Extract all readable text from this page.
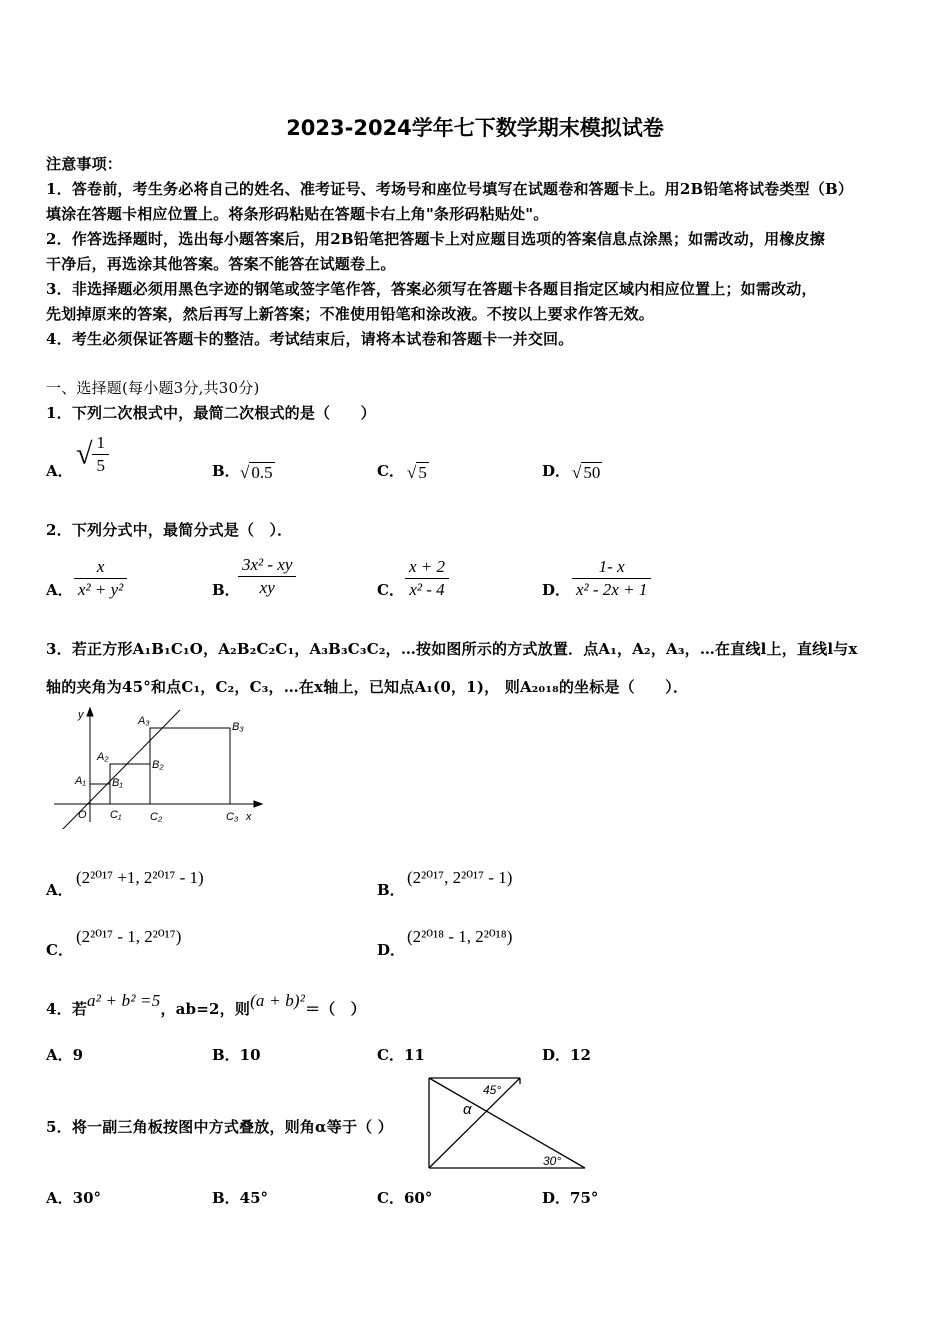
2023-2024学年七下数学期末模拟试卷
注意事项：
1．答卷前，考生务必将自己的姓名、准考证号、考场号和座位号填写在试题卷和答题卡上。用2B铅笔将试卷类型（B）
填涂在答题卡相应位置上。将条形码粘贴在答题卡右上角"条形码粘贴处"。
2．作答选择题时，选出每小题答案后，用2B铅笔把答题卡上对应题目选项的答案信息点涂黑；如需改动，用橡皮擦
干净后，再选涂其他答案。答案不能答在试题卷上。
3．非选择题必须用黑色字迹的钢笔或签字笔作答，答案必须写在答题卡各题目指定区域内相应位置上；如需改动，
先划掉原来的答案，然后再写上新答案；不准使用铅笔和涂改液。不按以上要求作答无效。
4．考生必须保证答题卡的整洁。考试结束后，请将本试卷和答题卡一并交回。
一、选择题(每小题3分,共30分)
1．下列二次根式中，最简二次根式的是（　　）
A．
√ $\frac{1}{5}$	B． √ 0.5	C． √ 5	D． √ 50
2．下列分式中，最简分式是（　）．
A． $\frac{x}{\text{x² + y²}}$	B．
$\frac{\text{3x² - xy}}{xy}$	C． $\frac{x + 2}{\text{x² - 4}}$	D． $\frac{1- x}{\text{x² - 2x + 1}}$
3．若正方形A₁B₁C₁O，A₂B₂C₂C₁，A₃B₃C₃C₂，…按如图所示的方式放置．点A₁，A₂，A₃，…在直线l上，直线l与x
轴的夹角为45°和点C₁，C₂，C₃，…在x轴上，已知点A₁(0，1)， 则A₂₀₁₈的坐标是（　　）．
y
x
O
A₁
A₂
A₃
B₁
B₂
B₃
C₁	C₂	C₃
A．
(2²⁰¹⁷ +1, 2²⁰¹⁷ - 1)
B．
(2²⁰¹⁷, 2²⁰¹⁷ - 1)
C．
(2²⁰¹⁷ - 1, 2²⁰¹⁷)
D．
(2²⁰¹⁸ - 1, 2²⁰¹⁸)
4．若a² + b² =5，ab=2，则(a + b)²＝（　）
A．9	B．10	C．11	D．12
5．将一副三角板按图中方式叠放，则角α等于（ ）
45°
α
30°
A．30°	B．45°	C．60°	D．75°
